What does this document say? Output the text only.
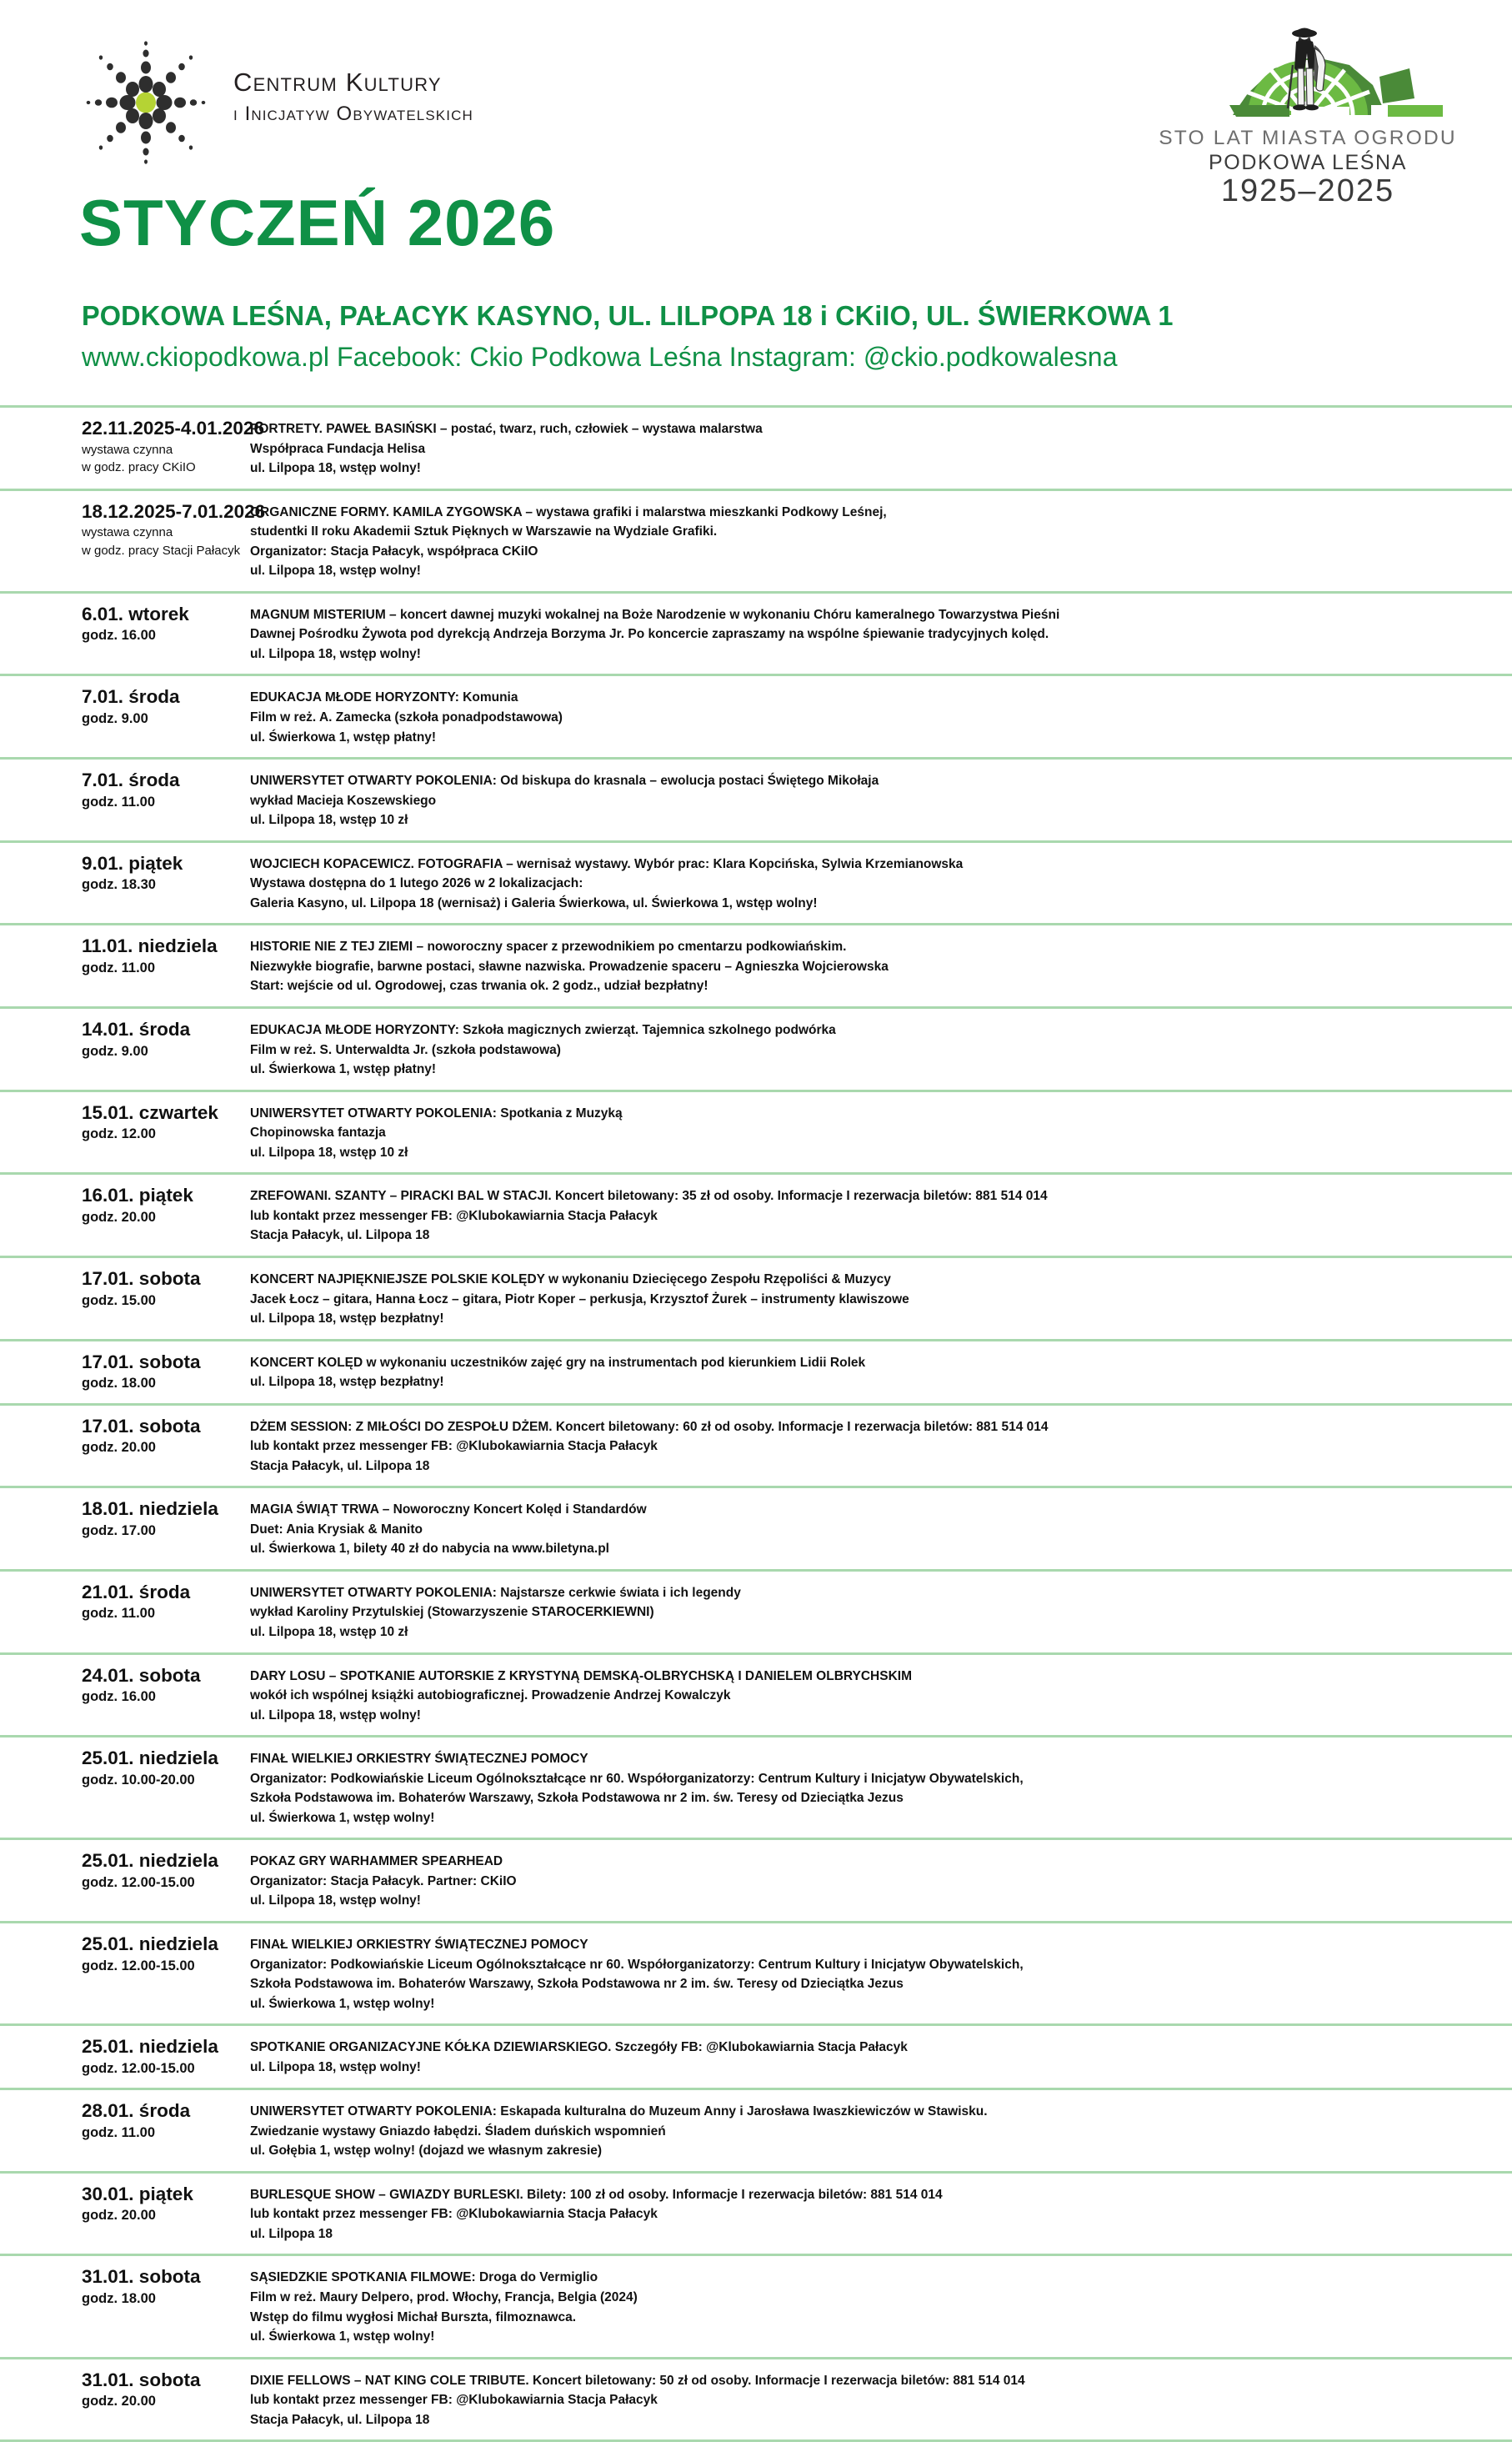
Centrum Kultury
i Inicjatyw Obywatelskich
STO LAT MIASTA OGRODU
PODKOWA LEŚNA
1925–2025
STYCZEŃ 2026
PODKOWA LEŚNA, PAŁACYK KASYNO, UL. LILPOPA 18 i CKiIO, UL. ŚWIERKOWA 1
www.ckiopodkowa.pl Facebook: Ckio Podkowa Leśna Instagram: @ckio.podkowalesna
22.11.2025-4.01.2026
wystawa czynna
w godz. pracy CKiIO
PORTRETY. PAWEŁ BASIŃSKI – postać, twarz, ruch, człowiek – wystawa malarstwa
Współpraca Fundacja Helisa
ul. Lilpopa 18, wstęp wolny!
18.12.2025-7.01.2026
wystawa czynna
w godz. pracy Stacji Pałacyk
ORGANICZNE FORMY. KAMILA ZYGOWSKA – wystawa grafiki i malarstwa mieszkanki Podkowy Leśnej,
studentki II roku Akademii Sztuk Pięknych w Warszawie na Wydziale Grafiki.
Organizator: Stacja Pałacyk, współpraca CKiIO
ul. Lilpopa 18, wstęp wolny!
6.01. wtorek
godz. 16.00
MAGNUM MISTERIUM – koncert dawnej muzyki wokalnej na Boże Narodzenie w wykonaniu Chóru kameralnego Towarzystwa Pieśni
Dawnej Pośrodku Żywota pod dyrekcją Andrzeja Borzyma Jr. Po koncercie zapraszamy na wspólne śpiewanie tradycyjnych kolęd.
ul. Lilpopa 18, wstęp wolny!
7.01. środa
godz. 9.00
EDUKACJA MŁODE HORYZONTY: Komunia
Film w reż. A. Zamecka (szkoła ponadpodstawowa)
ul. Świerkowa 1, wstęp płatny!
7.01. środa
godz. 11.00
UNIWERSYTET OTWARTY POKOLENIA: Od biskupa do krasnala – ewolucja postaci Świętego Mikołaja
wykład Macieja Koszewskiego
ul. Lilpopa 18, wstęp 10 zł
9.01. piątek
godz. 18.30
WOJCIECH KOPACEWICZ. FOTOGRAFIA – wernisaż wystawy. Wybór prac: Klara Kopcińska, Sylwia Krzemianowska
Wystawa dostępna do 1 lutego 2026 w 2 lokalizacjach:
Galeria Kasyno, ul. Lilpopa 18 (wernisaż) i Galeria Świerkowa, ul. Świerkowa 1, wstęp wolny!
11.01. niedziela
godz. 11.00
HISTORIE NIE Z TEJ ZIEMI – noworoczny spacer z przewodnikiem po cmentarzu podkowiańskim.
Niezwykłe biografie, barwne postaci, sławne nazwiska. Prowadzenie spaceru – Agnieszka Wojcierowska
Start: wejście od ul. Ogrodowej, czas trwania ok. 2 godz., udział bezpłatny!
14.01. środa
godz. 9.00
EDUKACJA MŁODE HORYZONTY: Szkoła magicznych zwierząt. Tajemnica szkolnego podwórka
Film w reż. S. Unterwaldta Jr. (szkoła podstawowa)
ul. Świerkowa 1, wstęp płatny!
15.01. czwartek
godz. 12.00
UNIWERSYTET OTWARTY POKOLENIA: Spotkania z Muzyką
Chopinowska fantazja
ul. Lilpopa 18, wstęp 10 zł
16.01. piątek
godz. 20.00
ZREFOWANI. SZANTY – PIRACKI BAL W STACJI. Koncert biletowany: 35 zł od osoby. Informacje I rezerwacja biletów: 881 514 014
lub kontakt przez messenger FB: @Klubokawiarnia Stacja Pałacyk
Stacja Pałacyk, ul. Lilpopa 18
17.01. sobota
godz. 15.00
KONCERT NAJPIĘKNIEJSZE POLSKIE KOLĘDY w wykonaniu Dziecięcego Zespołu Rzępoliści & Muzycy
Jacek Łocz – gitara, Hanna Łocz – gitara, Piotr Koper – perkusja, Krzysztof Żurek – instrumenty klawiszowe
ul. Lilpopa 18, wstęp bezpłatny!
17.01. sobota
godz. 18.00
KONCERT KOLĘD w wykonaniu uczestników zajęć gry na instrumentach pod kierunkiem Lidii Rolek
ul. Lilpopa 18, wstęp bezpłatny!
17.01. sobota
godz. 20.00
DŻEM SESSION: Z MIŁOŚCI DO ZESPOŁU DŻEM. Koncert biletowany: 60 zł od osoby. Informacje I rezerwacja biletów: 881 514 014
lub kontakt przez messenger FB: @Klubokawiarnia Stacja Pałacyk
Stacja Pałacyk, ul. Lilpopa 18
18.01. niedziela
godz. 17.00
MAGIA ŚWIĄT TRWA – Noworoczny Koncert Kolęd i Standardów
Duet: Ania Krysiak & Manito
ul. Świerkowa 1, bilety 40 zł do nabycia na www.biletyna.pl
21.01. środa
godz. 11.00
UNIWERSYTET OTWARTY POKOLENIA: Najstarsze cerkwie świata i ich legendy
wykład Karoliny Przytulskiej (Stowarzyszenie STAROCERKIEWNI)
ul. Lilpopa 18, wstęp 10 zł
24.01. sobota
godz. 16.00
DARY LOSU – SPOTKANIE AUTORSKIE Z KRYSTYNĄ DEMSKĄ-OLBRYCHSKĄ I DANIELEM OLBRYCHSKIM
wokół ich wspólnej książki autobiograficznej. Prowadzenie Andrzej Kowalczyk
ul. Lilpopa 18, wstęp wolny!
25.01. niedziela
godz. 10.00-20.00
FINAŁ WIELKIEJ ORKIESTRY ŚWIĄTECZNEJ POMOCY
Organizator: Podkowiańskie Liceum Ogólnokształcące nr 60. Współorganizatorzy: Centrum Kultury i Inicjatyw Obywatelskich,
Szkoła Podstawowa im. Bohaterów Warszawy, Szkoła Podstawowa nr 2 im. św. Teresy od Dzieciątka Jezus
ul. Świerkowa 1, wstęp wolny!
25.01. niedziela
godz. 12.00-15.00
POKAZ GRY WARHAMMER SPEARHEAD
Organizator: Stacja Pałacyk. Partner: CKiIO
ul. Lilpopa 18, wstęp wolny!
25.01. niedziela
godz. 12.00-15.00
FINAŁ WIELKIEJ ORKIESTRY ŚWIĄTECZNEJ POMOCY
Organizator: Podkowiańskie Liceum Ogólnokształcące nr 60. Współorganizatorzy: Centrum Kultury i Inicjatyw Obywatelskich,
Szkoła Podstawowa im. Bohaterów Warszawy, Szkoła Podstawowa nr 2 im. św. Teresy od Dzieciątka Jezus
ul. Świerkowa 1, wstęp wolny!
25.01. niedziela
godz. 12.00-15.00
SPOTKANIE ORGANIZACYJNE KÓŁKA DZIEWIARSKIEGO. Szczegóły FB: @Klubokawiarnia Stacja Pałacyk
ul. Lilpopa 18, wstęp wolny!
28.01. środa
godz. 11.00
UNIWERSYTET OTWARTY POKOLENIA: Eskapada kulturalna do Muzeum Anny i Jarosława Iwaszkiewiczów w Stawisku.
Zwiedzanie wystawy Gniazdo łabędzi. Śladem duńskich wspomnień
ul. Gołębia 1, wstęp wolny! (dojazd we własnym zakresie)
30.01. piątek
godz. 20.00
BURLESQUE SHOW – GWIAZDY BURLESKI. Bilety: 100 zł od osoby. Informacje I rezerwacja biletów: 881 514 014
lub kontakt przez messenger FB: @Klubokawiarnia Stacja Pałacyk
ul. Lilpopa 18
31.01. sobota
godz. 18.00
SĄSIEDZKIE SPOTKANIA FILMOWE: Droga do Vermiglio
Film w reż. Maury Delpero, prod. Włochy, Francja, Belgia (2024)
Wstęp do filmu wygłosi Michał Burszta, filmoznawca.
ul. Świerkowa 1, wstęp wolny!
31.01. sobota
godz. 20.00
DIXIE FELLOWS – NAT KING COLE TRIBUTE. Koncert biletowany: 50 zł od osoby. Informacje I rezerwacja biletów: 881 514 014
lub kontakt przez messenger FB: @Klubokawiarnia Stacja Pałacyk
Stacja Pałacyk, ul. Lilpopa 18
